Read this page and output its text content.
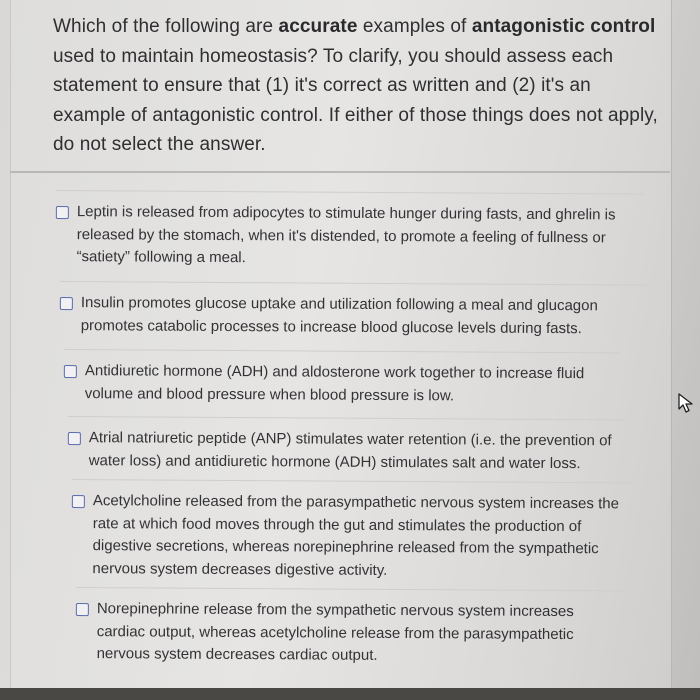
Which of the following are accurate examples of antagonistic control used to maintain homeostasis? To clarify, you should assess each statement to ensure that (1) it's correct as written and (2) it's an example of antagonistic control. If either of those things does not apply, do not select the answer.

Leptin is released from adipocytes to stimulate hunger during fasts, and ghrelin is released by the stomach, when it's distended, to promote a feeling of fullness or “satiety” following a meal.
Insulin promotes glucose uptake and utilization following a meal and glucagon promotes catabolic processes to increase blood glucose levels during fasts.
Antidiuretic hormone (ADH) and aldosterone work together to increase fluid volume and blood pressure when blood pressure is low.
Atrial natriuretic peptide (ANP) stimulates water retention (i.e. the prevention of water loss) and antidiuretic hormone (ADH) stimulates salt and water loss.
Acetylcholine released from the parasympathetic nervous system increases the rate at which food moves through the gut and stimulates the production of digestive secretions, whereas norepinephrine released from the sympathetic nervous system decreases digestive activity.
Norepinephrine release from the sympathetic nervous system increases cardiac output, whereas acetylcholine release from the parasympathetic nervous system decreases cardiac output.
